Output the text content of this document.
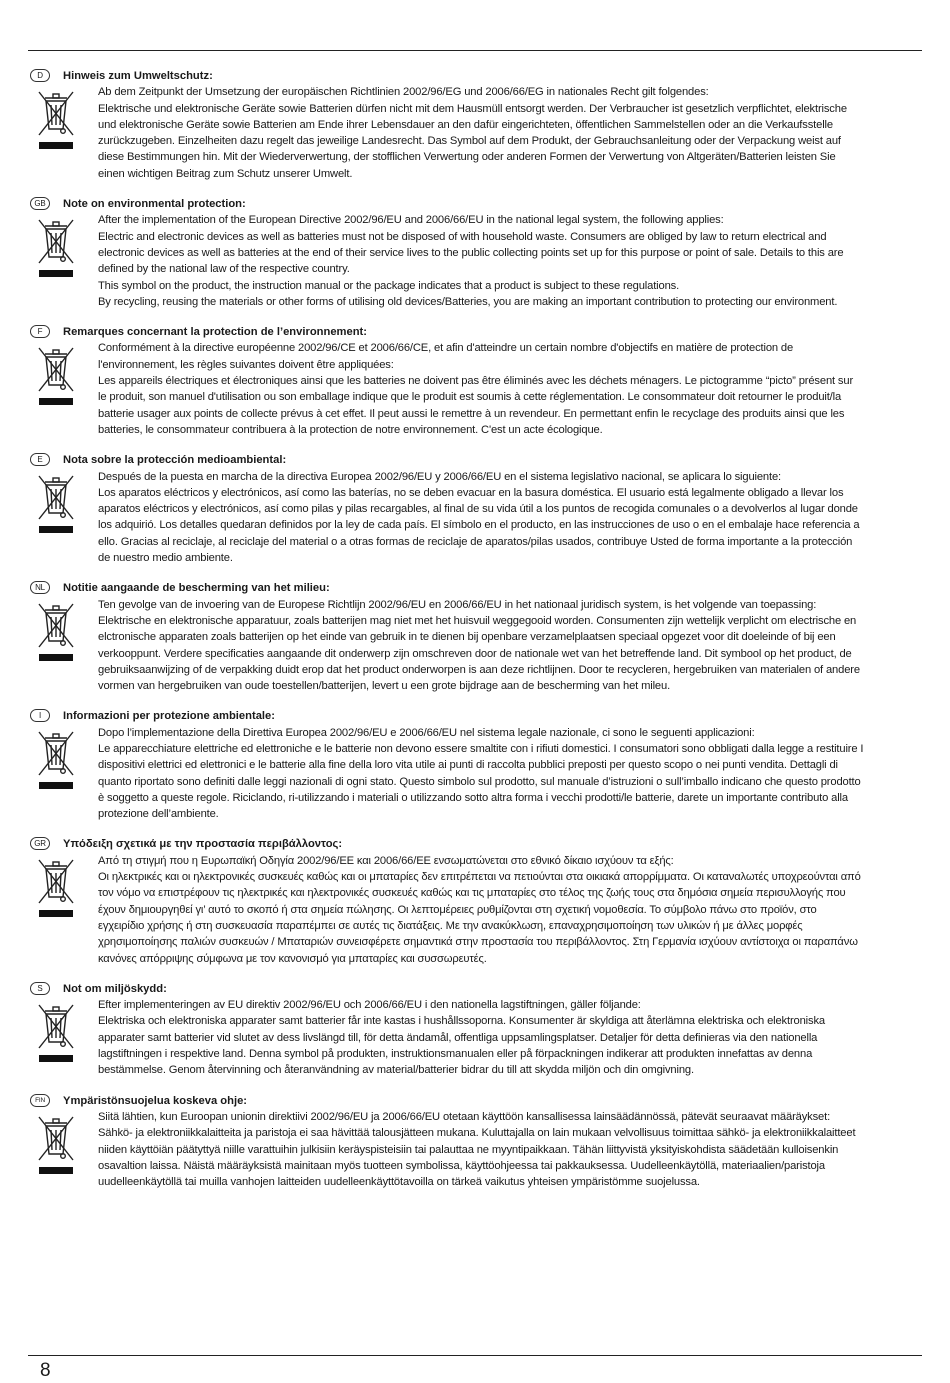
D	Hinweis zum Umweltschutz:
Ab dem Zeitpunkt der Umsetzung der europäischen Richtlinien 2002/96/EG und 2006/66/EG in nationales Recht gilt folgendes:
Elektrische und elektronische Geräte sowie Batterien dürfen nicht mit dem Hausmüll entsorgt werden. Der Verbraucher ist gesetzlich verpflichtet, elektrische und elektronische Geräte sowie Batterien am Ende ihrer Lebensdauer an den dafür eingerichteten, öffentlichen Sammelstellen oder an die Verkaufsstelle zurückzugeben. Einzelheiten dazu regelt das jeweilige Landesrecht. Das Symbol auf dem Produkt, der Gebrauchsanleitung oder der Verpackung weist auf diese Bestimmungen hin. Mit der Wiederverwertung, der stofflichen Verwertung oder anderen Formen der Verwertung von Altgeräten/Batterien leisten Sie einen wichtigen Beitrag zum Schutz unserer Umwelt.
GB	Note on environmental protection:
After the implementation of the European Directive 2002/96/EU and 2006/66/EU in the national legal system, the following applies:
Electric and electronic devices as well as batteries must not be disposed of with household waste. Consumers are obliged by law to return electrical and electronic devices as well as batteries at the end of their service lives to the public collecting points set up for this purpose or point of sale. Details to this are defined by the national law of the respective country.
This symbol on the product, the instruction manual or the package indicates that a product is subject to these regulations.
By recycling, reusing the materials or other forms of utilising old devices/Batteries, you are making an important contribution to protecting our environment.
F	Remarques concernant la protection de l’environnement:
Conformément à la directive européenne 2002/96/CE et 2006/66/CE, et afin d'atteindre un certain nombre d'objectifs en matière de protection de l'environnement, les règles suivantes doivent être appliquées:
Les appareils électriques et électroniques ainsi que les batteries ne doivent pas être éliminés avec les déchets ménagers. Le pictogramme “picto” présent sur le produit, son manuel d'utilisation ou son emballage indique que le produit est soumis à cette réglementation. Le consommateur doit retourner le produit/la batterie usager aux points de collecte prévus à cet effet. Il peut aussi le remettre à un revendeur. En permettant enfin le recyclage des produits ainsi que les batteries, le consommateur contribuera à la protection de notre environnement. C'est un acte écologique.
E	Nota sobre la protección medioambiental:
Después de la puesta en marcha de la directiva Europea 2002/96/EU y 2006/66/EU en el sistema legislativo nacional, se aplicara lo siguiente:
Los aparatos eléctricos y electrónicos, así como las baterías, no se deben evacuar en la basura doméstica. El usuario está legalmente obligado a llevar los aparatos eléctricos y electrónicos, así como pilas y pilas recargables, al final de su vida útil a los puntos de recogida comunales o a devolverlos al lugar donde los adquirió. Los detalles quedaran definidos por la ley de cada país. El símbolo en el producto, en las instrucciones de uso o en el embalaje hace referencia a ello. Gracias al reciclaje, al reciclaje del material o a otras formas de reciclaje de aparatos/pilas usados, contribuye Usted de forma importante a la protección de nuestro medio ambiente.
NL	Notitie aangaande de bescherming van het milieu:
Ten gevolge van de invoering van de Europese Richtlijn 2002/96/EU en 2006/66/EU in het nationaal juridisch system, is het volgende van toepassing:
Elektrische en elektronische apparatuur, zoals batterijen mag niet met het huisvuil weggegooid worden. Consumenten zijn wettelijk verplicht om electrische en elctronische apparaten zoals batterijen op het einde van gebruik in te dienen bij openbare verzamelplaatsen speciaal opgezet voor dit doeleinde of bij een verkooppunt. Verdere specificaties aangaande dit onderwerp zijn omschreven door de nationale wet van het betreffende land. Dit symbool op het product, de gebruiksaanwijzing of de verpakking duidt erop dat het product onderworpen is aan deze richtlijnen. Door te recycleren, hergebruiken van materialen of andere vormen van hergebruiken van oude toestellen/batterijen, levert u een grote bijdrage aan de bescherming van het mileu.
I	Informazioni per protezione ambientale:
Dopo l’implementazione della Direttiva Europea 2002/96/EU e 2006/66/EU nel sistema legale nazionale, ci sono le seguenti applicazioni:
Le apparecchiature elettriche ed elettroniche e le batterie non devono essere smaltite con i rifiuti domestici. I consumatori sono obbligati dalla legge a restituire I dispositivi elettrici ed elettronici e le batterie alla fine della loro vita utile ai punti di raccolta pubblici preposti per questo scopo o nei punti vendita. Dettagli di quanto riportato sono definiti dalle leggi nazionali di ogni stato. Questo simbolo sul prodotto, sul manuale d’istruzioni o sull’imballo indicano che questo prodotto è soggetto a queste regole. Riciclando, ri-utilizzando i materiali o utilizzando sotto altra forma i vecchi prodotti/le batterie, darete un importante contributo alla protezione dell’ambiente.
GR	Υπόδειξη σχετικά με την προστασία περιβάλλοντος:
Από τη στιγμή που η Ευρωπαϊκή Οδηγία 2002/96/ΕE και 2006/66/EE ενσωματώνεται στο εθνικό δίκαιο ισχύουν τα εξής:
Οι ηλεκτρικές και οι ηλεκτρονικές συσκευές καθώς και οι μπαταρίες δεν επιτρέπεται να πετιούνται στα οικιακά απορρίμματα. Οι καταναλωτές υποχρεούνται από τον νόμο να επιστρέφουν τις ηλεκτρικές και ηλεκτρονικές συσκευές καθώς και τις μπαταρίες στο τέλος της ζωής τους στα δημόσια σημεία περισυλλογής που έχουν δημιουργηθεί γι’ αυτό το σκοπό ή στα σημεία πώλησης. Οι λεπτομέρειες ρυθμίζονται στη σχετική νομοθεσία. Το σύμβολο πάνω στο προϊόν, στο εγχειρίδιο χρήσης ή στη συσκευασία παραπέμπει σε αυτές τις διατάξεις. Με την ανακύκλωση, επαναχρησιμοποίηση των υλικών ή με άλλες μορφές χρησιμοποίησης παλιών συσκευών / Μπαταριών συνεισφέρετε σημαντικά στην προστασία του περιβάλλοντος. Στη Γερμανία ισχύουν αντίστοιχα οι παραπάνω κανόνες απόρριψης σύμφωνα με τον κανονισμό για μπαταρίες και συσσωρευτές.
S	Not om miljöskydd:
Efter implementeringen av EU direktiv 2002/96/EU och 2006/66/EU i den nationella lagstiftningen, gäller följande:
Elektriska och elektroniska apparater samt batterier får inte kastas i hushållssoporna. Konsumenter är skyldiga att återlämna elektriska och elektroniska apparater samt batterier vid slutet av dess livslängd till, för detta ändamål, offentliga uppsamlingsplatser. Detaljer för detta definieras via den nationella lagstiftningen i respektive land. Denna symbol på produkten, instruktionsmanualen eller på förpackningen indikerar att produkten innefattas av denna bestämmelse. Genom återvinning och återanvändning av material/batterier bidrar du till att skydda miljön och din omgivning.
FIN	Ympäristönsuojelua koskeva ohje:
Siitä lähtien, kun Euroopan unionin direktiivi 2002/96/EU ja 2006/66/EU otetaan käyttöön kansallisessa lainsäädännössä, pätevät seuraavat määräykset:
Sähkö- ja elektroniikkalaitteita ja paristoja ei saa hävittää talousjätteen mukana. Kuluttajalla on lain mukaan velvollisuus toimittaa sähkö- ja elektroniikkalaitteet niiden käyttöiän päätyttyä niille varattuihin julkisiin keräyspisteisiin tai palauttaa ne myyntipaikkaan. Tähän liittyvistä yksityiskohdista säädetään kulloisenkin osavaltion laissa. Näistä määräyksistä mainitaan myös tuotteen symbolissa, käyttöohjeessa tai pakkauksessa. Uudelleenkäytöllä, materiaalien/paristoja uudelleenkäytöllä tai muilla vanhojen laitteiden uudelleenkäyttötavoilla on tärkeä vaikutus yhteisen ympäristömme suojelussa.
8
